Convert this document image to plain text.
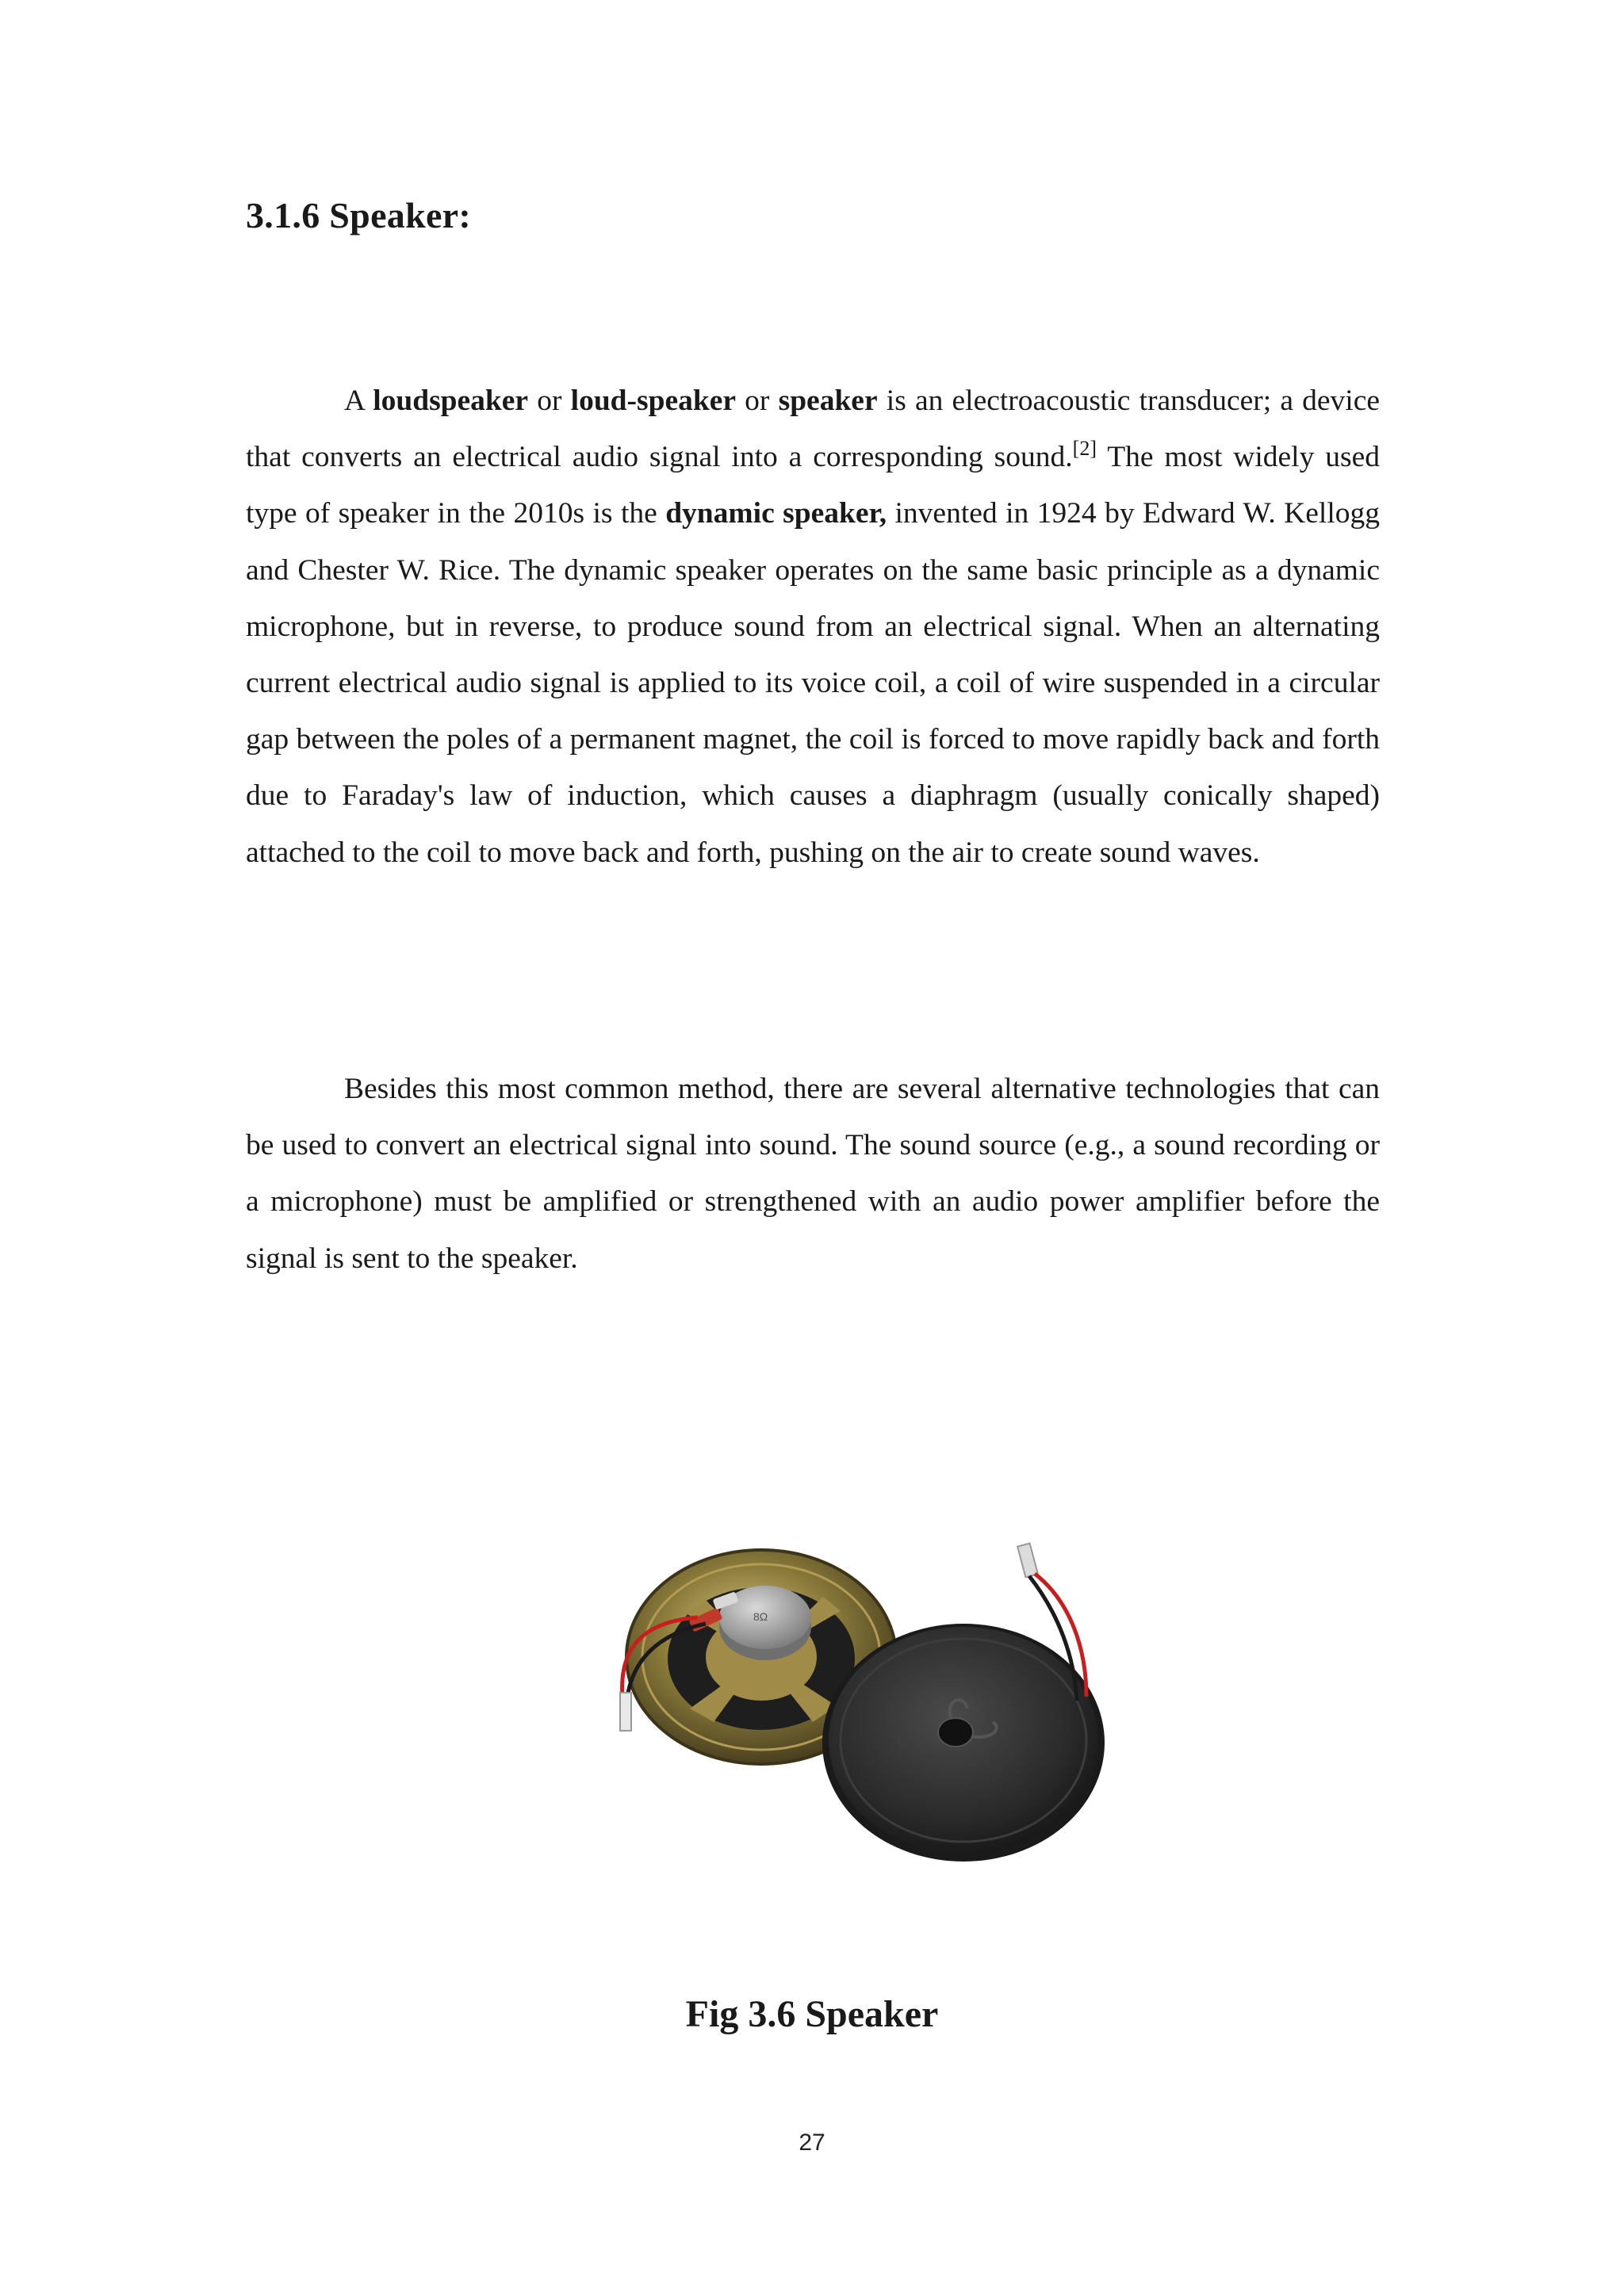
3.1.6 Speaker:

A loudspeaker or loud-speaker or speaker is an electroacoustic transducer; a device that converts an electrical audio signal into a corresponding sound.[2] The most widely used type of speaker in the 2010s is the dynamic speaker, invented in 1924 by Edward W. Kellogg and Chester W. Rice. The dynamic speaker operates on the same basic principle as a dynamic microphone, but in reverse, to produce sound from an electrical signal. When an alternating current electrical audio signal is applied to its voice coil, a coil of wire suspended in a circular gap between the poles of a permanent magnet, the coil is forced to move rapidly back and forth due to Faraday's law of induction, which causes a diaphragm (usually conically shaped) attached to the coil to move back and forth, pushing on the air to create sound waves.

Besides this most common method, there are several alternative technologies that can be used to convert an electrical signal into sound. The sound source (e.g., a sound recording or a microphone) must be amplified or strengthened with an audio power amplifier before the signal is sent to the speaker.

8Ω

Fig 3.6 Speaker

27
